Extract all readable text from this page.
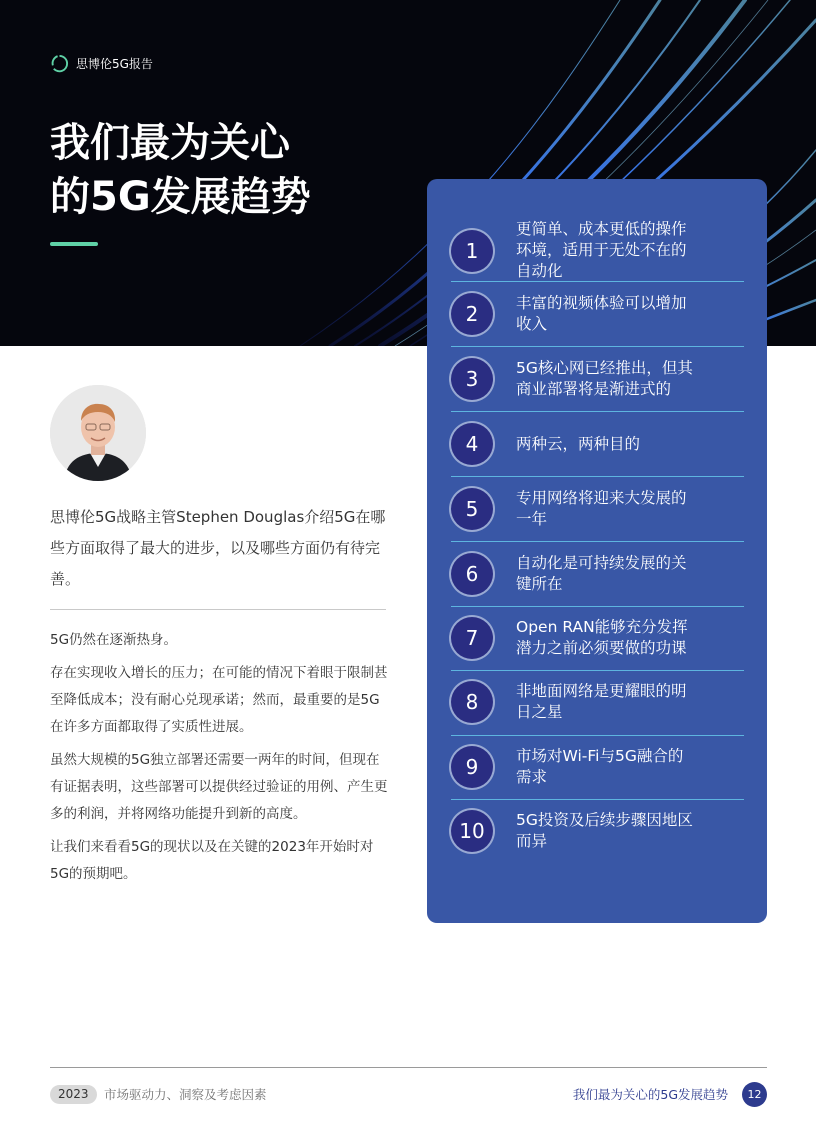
思博伦5G报告
我们最为关心
的5G发展趋势

思博伦5G战略主管Stephen Douglas介绍5G在哪些方面取得了最大的进步，以及哪些方面仍有待完善。

5G仍然在逐渐热身。

存在实现收入增长的压力；在可能的情况下着眼于限制甚至降低成本；没有耐心兑现承诺；然而，最重要的是5G在许多方面都取得了实质性进展。

虽然大规模的5G独立部署还需要一两年的时间，但现在有证据表明，这些部署可以提供经过验证的用例、产生更多的利润，并将网络功能提升到新的高度。

让我们来看看5G的现状以及在关键的2023年开始时对5G的预期吧。

1
更简单、成本更低的操作
环境，适用于无处不在的
自动化
2	丰富的视频体验可以增加
收入
3	5G核心网已经推出，但其
商业部署将是渐进式的
4	两种云，两种目的
5	专用网络将迎来大发展的
一年
6	自动化是可持续发展的关
键所在
7	Open RAN能够充分发挥
潜力之前必须要做的功课
8	非地面网络是更耀眼的明
日之星
9	市场对Wi-Fi与5G融合的
需求
10	5G投资及后续步骤因地区
而异
2023	市场驱动力、洞察及考虑因素	我们最为关心的5G发展趋势	12
